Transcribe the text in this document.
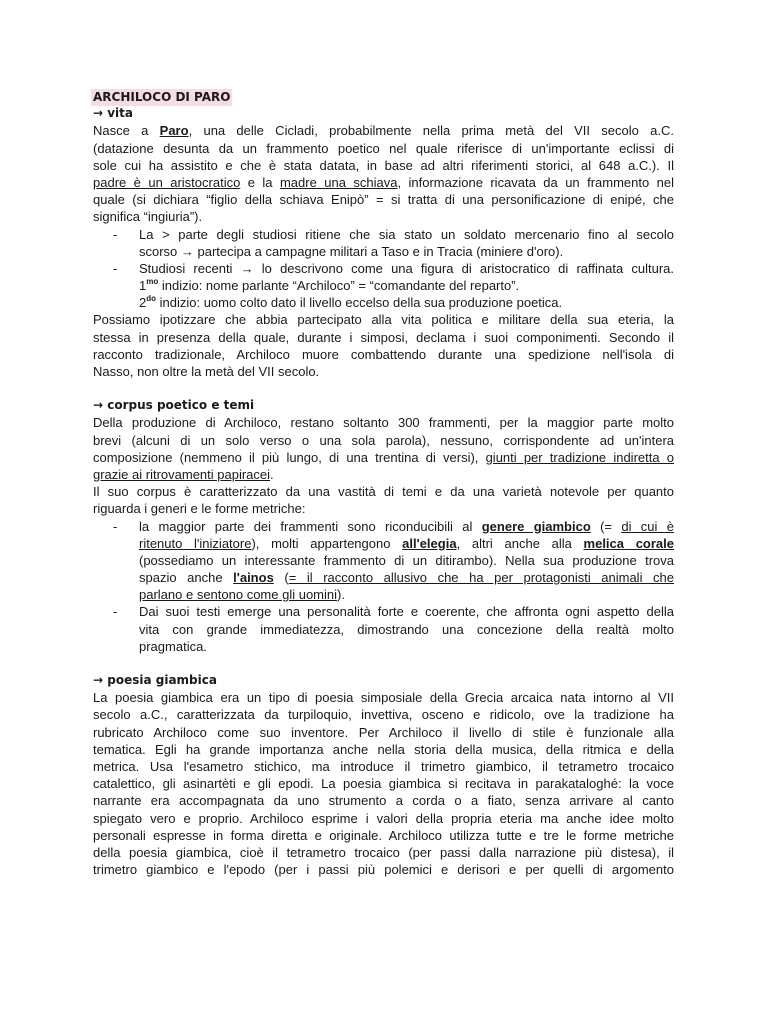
ARCHILOCO DI PARO
→ vita
Nasce a Paro, una delle Cicladi, probabilmente nella prima metà del VII secolo a.C.
(datazione desunta da un frammento poetico nel quale riferisce di un'importante eclissi di
sole cui ha assistito e che è stata datata, in base ad altri riferimenti storici, al 648 a.C.). Il
padre è un aristocratico e la madre una schiava, informazione ricavata da un frammento nel
quale (si dichiara “figlio della schiava Enipò” = si tratta di una personificazione di enipé, che
significa “ingiuria”).
- La > parte degli studiosi ritiene che sia stato un soldato mercenario fino al secolo
scorso → partecipa a campagne militari a Taso e in Tracia (miniere d'oro).
- Studiosi recenti → lo descrivono come una figura di aristocratico di raffinata cultura.
$1^{mo}$ indizio: nome parlante “Archiloco” = “comandante del reparto”.
$2^{do}$ indizio: uomo colto dato il livello eccelso della sua produzione poetica.
Possiamo ipotizzare che abbia partecipato alla vita politica e militare della sua eteria, la
stessa in presenza della quale, durante i simposi, declama i suoi componimenti. Secondo il
racconto tradizionale, Archiloco muore combattendo durante una spedizione nell'isola di
Nasso, non oltre la metà del VII secolo.
→ corpus poetico e temi
Della produzione di Archiloco, restano soltanto 300 frammenti, per la maggior parte molto
brevi (alcuni di un solo verso o una sola parola), nessuno, corrispondente ad un'intera
composizione (nemmeno il più lungo, di una trentina di versi), giunti per tradizione indiretta o
grazie ai ritrovamenti papiracei.
Il suo corpus è caratterizzato da una vastità di temi e da una varietà notevole per quanto
riguarda i generi e le forme metriche:
- la maggior parte dei frammenti sono riconducibili al genere giambico (= di cui è
ritenuto l'iniziatore), molti appartengono all'elegia, altri anche alla melica corale
(possediamo un interessante frammento di un ditirambo). Nella sua produzione trova
spazio anche l'ainos (= il racconto allusivo che ha per protagonisti animali che
parlano e sentono come gli uomini).
- Dai suoi testi emerge una personalità forte e coerente, che affronta ogni aspetto della
vita con grande immediatezza, dimostrando una concezione della realtà molto
pragmatica.
→ poesia giambica
La poesia giambica era un tipo di poesia simposiale della Grecia arcaica nata intorno al VII
secolo a.C., caratterizzata da turpiloquio, invettiva, osceno e ridicolo, ove la tradizione ha
rubricato Archiloco come suo inventore. Per Archiloco il livello di stile è funzionale alla
tematica. Egli ha grande importanza anche nella storia della musica, della ritmica e della
metrica. Usa l'esametro stichico, ma introduce il trimetro giambico, il tetrametro trocaico
catalettico, gli asinartèti e gli epodi. La poesia giambica si recitava in parakataloghé: la voce
narrante era accompagnata da uno strumento a corda o a fiato, senza arrivare al canto
spiegato vero e proprio. Archiloco esprime i valori della propria eteria ma anche idee molto
personali espresse in forma diretta e originale. Archiloco utilizza tutte e tre le forme metriche
della poesia giambica, cioè il tetrametro trocaico (per passi dalla narrazione più distesa), il
trimetro giambico e l'epodo (per i passi più polemici e derisori e per quelli di argomento
